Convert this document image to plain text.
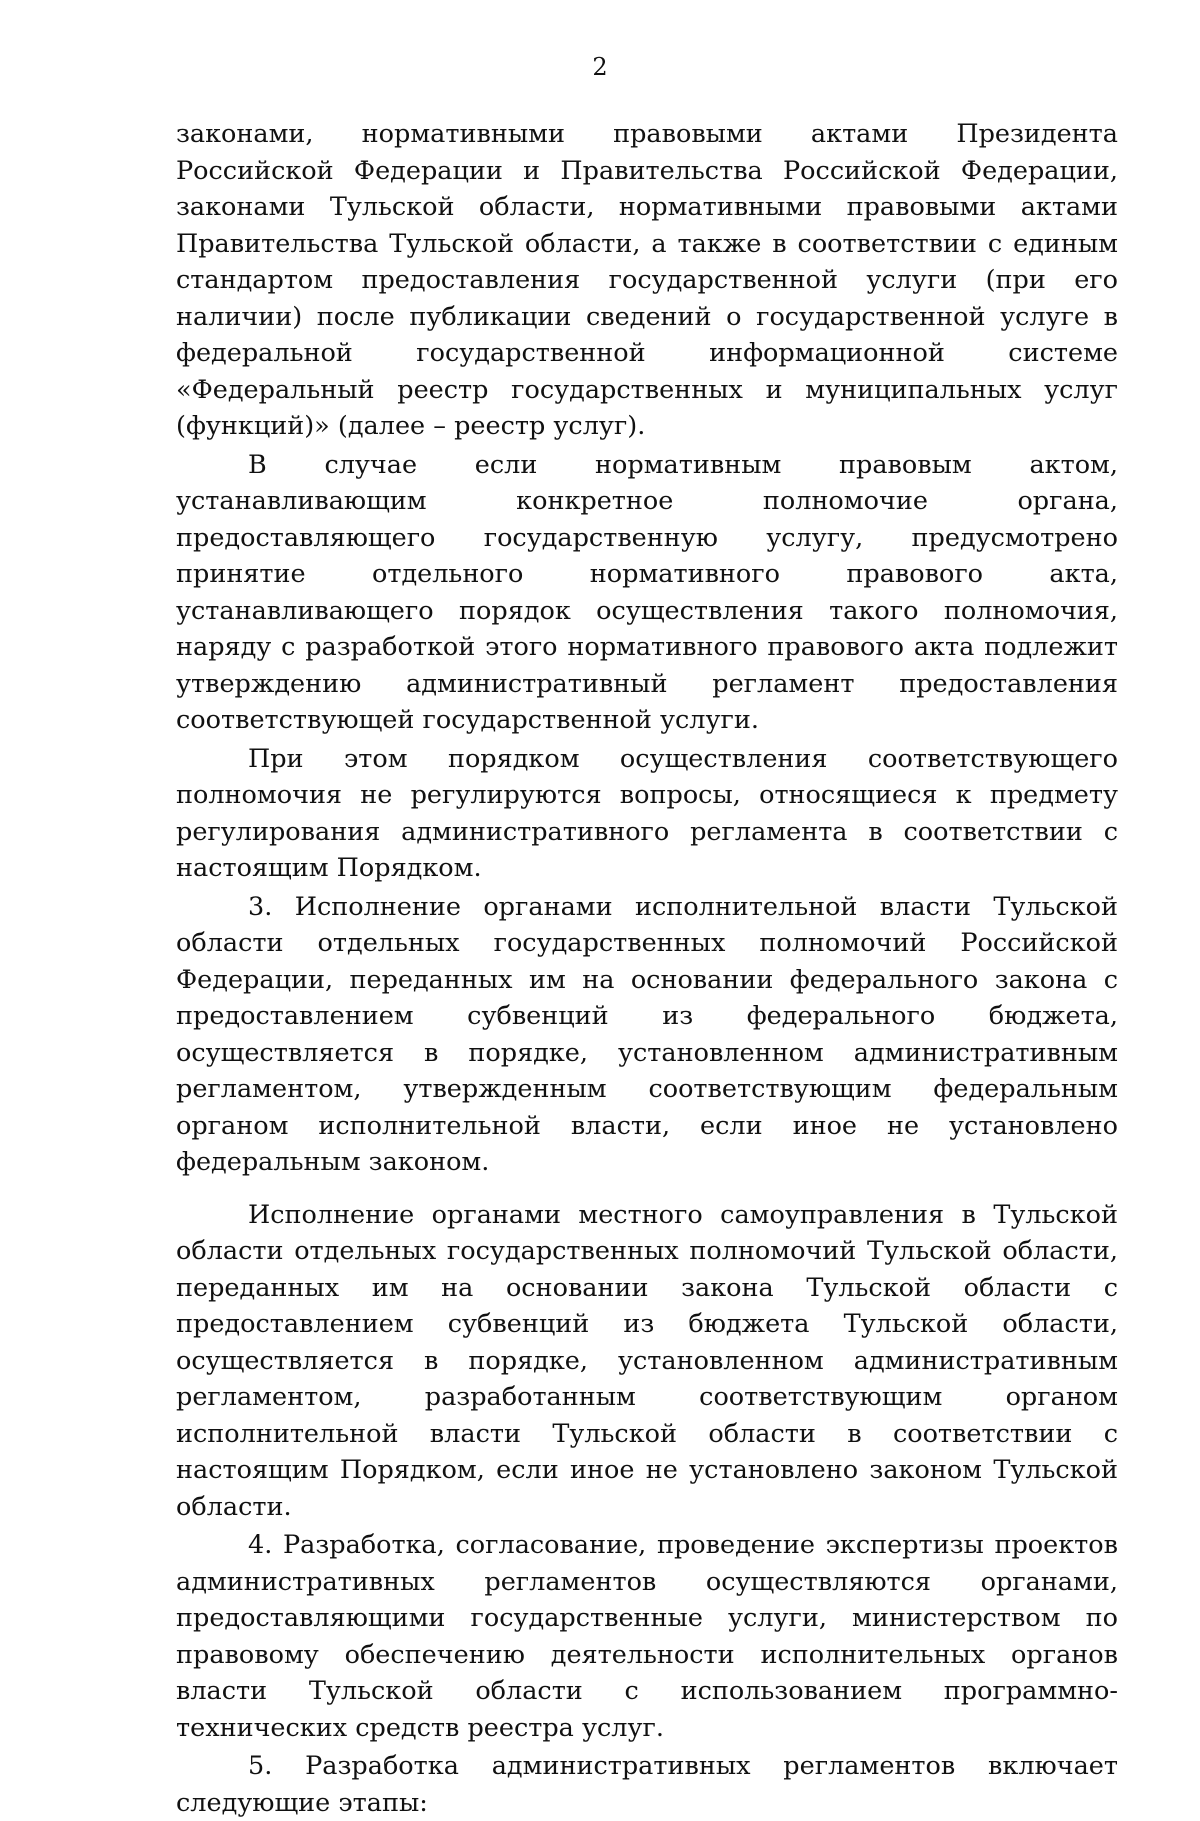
2

законами, нормативными правовыми актами Президента Российской Федерации и Правительства Российской Федерации, законами Тульской области, нормативными правовыми актами Правительства Тульской области, а также в соответствии с единым стандартом предоставления государственной услуги (при его наличии) после публикации сведений о государственной услуге в федеральной государственной информационной системе «Федеральный реестр государственных и муниципальных услуг (функций)» (далее – реестр услуг).

В случае если нормативным правовым актом, устанавливающим конкретное полномочие органа, предоставляющего государственную услугу, предусмотрено принятие отдельного нормативного правового акта, устанавливающего порядок осуществления такого полномочия, наряду с разработкой этого нормативного правового акта подлежит утверждению административный регламент предоставления соответствующей государственной услуги.

При этом порядком осуществления соответствующего полномочия не регулируются вопросы, относящиеся к предмету регулирования административного регламента в соответствии с настоящим Порядком.

3. Исполнение органами исполнительной власти Тульской области отдельных государственных полномочий Российской Федерации, переданных им на основании федерального закона с предоставлением субвенций из федерального бюджета, осуществляется в порядке, установленном административным регламентом, утвержденным соответствующим федеральным органом исполнительной власти, если иное не установлено федеральным законом.

Исполнение органами местного самоуправления в Тульской области отдельных государственных полномочий Тульской области, переданных им на основании закона Тульской области с предоставлением субвенций из бюджета Тульской области, осуществляется в порядке, установленном административным регламентом, разработанным соответствующим органом исполнительной власти Тульской области в соответствии с настоящим Порядком, если иное не установлено законом Тульской области.

4. Разработка, согласование, проведение экспертизы проектов административных регламентов осуществляются органами, предоставляющими государственные услуги, министерством по правовому обеспечению деятельности исполнительных органов власти Тульской области с использованием программно-технических средств реестра услуг.

5. Разработка административных регламентов включает следующие этапы:
